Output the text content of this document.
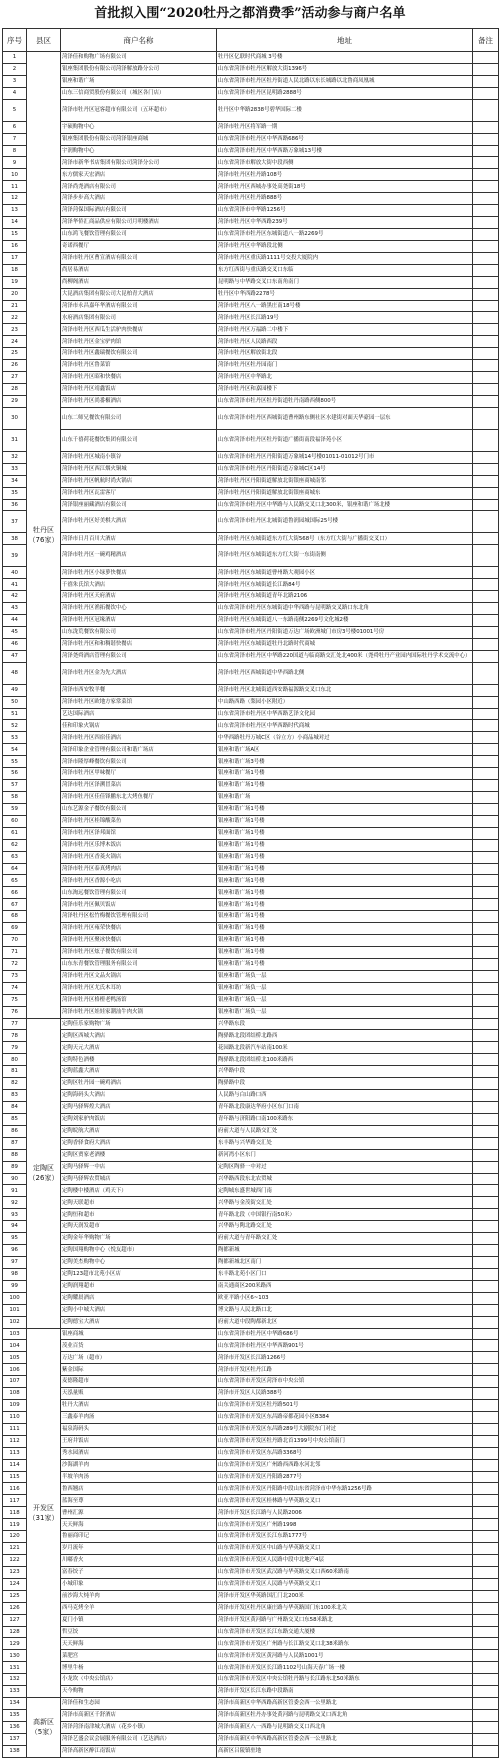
首批拟入围“2020牡丹之都消费季”活动参与商户名单
序号	县区	商户名称	地址	备注
1	牡丹区（76家）	菏泽佳和购物广场有限公司	牡丹区亿联时代商城 3号楼	
2		银座集团股份有限公司菏泽解放路分公司	山东省菏泽市牡丹区解放大街1396号	
3		银座和谐广场	山东省菏泽市牡丹区牡丹街道人民北路以东长城路以北鲁商凤凰城	
4		山东三信商贸股份有限公司（城区各门店）	山东省菏泽市牡丹区昆明路2888号	
5		菏泽市牡丹区冠客超市有限公司（五环超市）	牡丹区中华路2838号碧华国际二楼	
6		宇硕购物中心	菏泽市牡丹区将军路一期	
7		银座集团股份有限公司菏泽银座商城	山东省菏泽市牡丹区中华西路686号	
8		宇润购物中心	山东省菏泽市牡丹区中华西路万象城13号楼	
9		菏泽市新华书店集团有限公司菏泽分公司	山东省菏泽市解放大街中段西侧	
10		东方儒家天宏酒店	菏泽市牡丹区牡丹路108号	
11		菏泽尚尧酒店有限公司	菏泽市牡丹区西城办事处高尧街18号	
12		菏泽步步高大酒店	菏泽市牡丹区牡丹路888号	
13		菏泽菏保国际酒店有限公司	山东省菏泽市中华路1256号	
14		菏泽华侨汇商品供应有限公司月明楼酒店	菏泽市牡丹区中华西路239号	
15		山东鸿飞餐饮管理有限公司	山东省菏泽市牡丹区东城街道八一路2269号	
16		奇诺西餐厅	菏泽市牡丹区中华路段北侧	
17		菏泽市牡丹区曹宣酒店有限公司	菏泽市牡丹区重庆路1111号交投大厦院内	
18		尚居易酒店	东方红西街与重庆路交叉口东临	
19		尚柳阁酒店	昆明路与中华路交叉口东南角南门	
20		大昆酒店集团有限公司大昆柏青大酒店	牡丹区中华西路2278号	
21		菏泽市永昌嘉年华酒店有限公司	菏泽市牡丹区八一路黑庄南18号楼	
22		水府酒店集团有限公司	菏泽市牡丹区长江路19号	
23		菏泽市牡丹区西瓜生活驴肉快餐店	菏泽市牡丹区万福路二中楼下	
24		菏泽市牡丹区金宝驴肉馆	菏泽市牡丹区人民路西段	
25		菏泽市牡丹区鑫瑞餐饮有限公司	菏泽市牡丹区解放街北段	
26		菏泽市牡丹区鲁菜馆	菏泽市牡丹区牡丹园南门	
27		菏泽市牡丹区昭和快餐店	菏泽市牡丹区中华路北	
28		菏泽市牡丹区靖鑫饭店	菏泽市牡丹区和嘉园楼下	
29		菏泽市牡丹区尚番椒酒店	山东省菏泽市牡丹区牡丹街道牡丹南路西侧800号	
30		山东二师兄餐饮有限公司	山东省菏泽市牡丹区西城街道曹州路东侧社区水建街对面天华豪园一层东	
31		山东千禧荷花餐饮集团有限公司	山东省菏泽市牡丹区牡丹街道广播街南段福泽苑小区	
32		菏泽市牡丹区城南小镇谷	山东省菏泽市牡丹区丹阳街道万象城14号楼01011-01012号门市	
33		菏泽市牡丹区西江烟火铜城	山东省菏泽市牡丹区丹阳街道万象城C区14号	
34		菏泽市牡丹区帆航时尚火锅店	菏泽市牡丹区丹阳街道解放北街银座商城南邻	
35		菏泽市牡丹区瓦雷客厅	菏泽市牡丹区丹阳街道解放北街银座商城东	
36		菏泽银座丽藏酒店有限公司	山东省菏泽市牡丹区中华路与人民路交叉口北300米，银座和谐广场北楼	
37		菏泽市牡丹区好美棋大酒店	山东省菏泽市牡丹区北城街道鲁润园城国际25号楼	
38		菏泽市日月百川大酒店	菏泽市牡丹区东城街道东方红大街568号（东方红大街与广播街交叉口）	
39		菏泽市牡丹区一碗鸡精酒店	菏泽市牡丹区东城街道东方红大街一东街南侧	
40		菏泽市牡丹区小绿萝快餐店	菏泽市牡丹区东城街道曹州路大观园小区	
41		千禧朱氏馆大酒店	菏泽市牡丹区东城街道长江路84号	
42		菏泽市牡丹区天府酒店	菏泽市牡丹区东城街道青年北路2106	
43		菏泽市牡丹区渔拓餐饮中心	山东省菏泽市牡丹区东城街道中华西路与昆明路交叉路口东北角	
44		菏泽市牡丹区冠缘酒店	菏泽市牡丹区东城街道八一东路南侧2269号文化城2楼	
45		山东泷荒餐饮有限公司	山东省菏泽市牡丹区丹阳街道万达广场欧洲城门市房3号楼01001号房	
46		菏泽市牡丹区和和稠谐快餐店	菏泽市牡丹区东城街道牡丹北路时代商城	
47		菏泽尧舜酒店管理有限公司	山东省菏泽市牡丹区中华路220国道与临商路交汇处北400米（尧舜牡丹产业园内国际牡丹学术交流中心）	
48		菏泽市牡丹区金为先大酒店	菏泽市牡丹区西城街道中华西路北侧	
49		菏泽市西安牧羊餐	菏泽市牡丹区北城街道西安路福源路交叉口东北	
50		菏泽市牡丹区欧地方家常菜馆	中山路西路（梨园小区附近）	
51		艺达国际酒店	山东省菏泽市牡丹区中华西路艺泽文化园	
52		佳和印象火锅店	山东省菏泽市牡丹区中华西路时代商城	
53		菏泽市牡丹区四宿佳酒店	中华西路牡丹万城C区（谷立方）小商品城对过	
54		菏泽印象企业管理有限公司和谐广场店	银座和谐广场A区	
55		菏泽市隆厚峰餐饮有限公司	银座和谐广场3号楼	
56		菏泽市牡丹区甲味餐厅	银座和谐广场1号楼	
57		菏泽市牡丹区泽溯冒菜店	银座和谐广场1号楼	
58		菏泽市牡丹区佳佳锋鹏东北大烤鱼餐厅	银座和谐广场	
59		山东艺源金子餐饮有限公司	银座和谐广场1号楼	
60		菏泽市牡丹区桂锦酸菜鱼	银座和谐广场1号楼	
61		菏泽市牡丹区泽邦面馆	银座和谐广场1号楼	
62		菏泽市牡丹区乐博木饭店	银座和谐广场1号楼	
63		菏泽市牡丹区香菱火锅店	银座和谐广场1号楼	
64		菏泽市牡丹区泰真烤肉店	银座和谐广场1号楼	
65		菏泽市牡丹区香源小吃店	银座和谐广场1号楼	
66		山东淘远餐饮管理有限公司	银座和谐广场1号楼	
67		菏泽市牡丹区佩贝饭店	银座和谐广场1号楼	
68		菏泽牡丹区松竹梅餐饮管理有限公司	银座和谐广场1号楼	
69		菏泽市牡丹区雍荣快餐店	银座和谐广场1号楼	
70		菏泽市牡丹区聚冰快餐店	银座和谐广场1号楼	
71		菏泽市牡丹区炫子餐饮有限公司	银座和谐广场1号楼	
72		山东东青餐饮管理服务有限公司	银座和谐广场1号楼	
73		菏泽市牡丹区文品火锅店	银座和谐广场负一层	
74		菏泽市牡丹区尤氏木耳坊	银座和谐广场负一层	
75		菏泽市牡丹区格橙老鸭汤馆	银座和谐广场负一层	
76		菏泽市牡丹区娃娃家潮汕牛肉火锅	银座和谐广场负一层	
77	定陶区（26家）	定陶佳乐家购物广场	兴华路东段	
78		定陶区西城大酒店	陶驿路北段团结桥北路西	
79		定陶天元大酒店	花园路北段新汽车站南100米	
80		定陶特色酒楼	陶驿路北段团结桥北100米路西	
81		定陶蓝鑫大酒店	兴华路中段	
82		定陶区牡丹园一碗鸡酒店	陶驿路中段	
83		定陶海码头大酒店	人民路与白山路口西	
84		定陶马驿辉煌大酒店	青年路北段康达华府小区东门口南	
85		定陶刘家驴肉饭店	青年路与济阳路口南100米路东	
86		定陶皖航大酒店	府前大道与人民路交汇处	
87		定陶香驿食府大酒店	东丰路与兴华路交汇处	
88		定陶区贾家老酒楼	新河湾小区东门	
89		定陶马驿辉一中店	定陶区陶驿一中对过	
90		定陶马驿辉农贸城店	兴华路西段东北农贸城	
91		定陶楼中楼酒店（鸡天下）	定陶城东盛世城西门南	
92		定陶天联超市	兴华路与金茂街交汇处	
93		定陶恒和超市	青年路北段（中国银行南50米）	
94		定陶天润发超市	兴华路与陶北路交汇处	
95		定陶金年华购物广场	府前大道与青年路交汇处	
96		定陶国翔购物中心（悦友超市）	陶都新城	
97		定陶美杰购物中心	陶都新城北区南门	
98		定陶123超市北苑小区店	东丰路北苑小区门口	
99		定陶润翔超市	南关通商区200米路西	
100		定陶耀晨酒店	欧亚平路小区6~103	
101		定陶小中城大酒店	博文路与人民北路口北	
102		定陶德宝大酒店	府前大道中段陶都新北区	
103	开发区（31家）	银座商城	山东省菏泽市牡丹区中华路686号	
104		茂业百货	山东省菏泽市牡丹区中华西路901号	
105		万达广场（超市）	菏泽市开发区长江路1266号	
106		紫金国际	菏泽市开发区牡丹江路	
107		麦德隆超市	山东省菏泽市开发区菏泽市中央公馆	
108		天泓量贩	菏泽市开发区人民路388号	
109		牡丹大酒店	山东省菏泽市开发区牡丹路501号	
110		三鑫泰羊肉汤	山东省菏泽市开发区东昌路帝都花园小区B384	
111		福泉海码头	山东省菏泽市开发区东昌路289号大剧院东门对过	
112		王府井饭店	山东省菏泽市开发区牡丹路北首1399号中央公馆南门	
113		秀水园酒店	山东省菏泽市开发区东昌路3368号	
114		沙海湖羊肉	山东省菏泽市开发区广州路西西路水河北邻	
115		半坡羊肉汤	山东省菏泽市开发区丹阳路2877号	
116		鲁西翘店	山东省菏泽市开发区丹阳路中段山东省菏泽市中华东路1256号路	
117		蓝海至尊	山东省菏泽市开发区桂林路与华英路交叉口	
118		曹州汇源	菏泽市开发区长江路与人民路2006	
119		天天鲜海	山东省菏泽市开发区广州路1998	
120		鲁丽商印记	山东省菏泽市开发区长江东路1777号	
121		岁月流年	山东省菏泽市开发区中山路与华英路交叉口	
122		川嘟香火	山东省菏泽市开发区人民路中段中北地产4层	
123		富春饺子	山东省菏泽市开发区武汉路与华英路交叉口西60米路南	
124		小城印象	山东省菏泽市开发区人民路与华英路交叉口	
125		前沙海大炖羊肉	菏泽市开发区华英路国汇门北200米	
126		西马克烤全羊	菏泽市开发区牡丹区康庄路与华英路国门东100米北关	
127		夏门小镇	菏泽市开发区黄河路与广州路交叉口东58米路北	
128		哲豆饺	山东省菏泽市开发区长江东路交通大厦楼	
129		天天鲜海	山东省菏泽市开发区广州路与长江路交叉口北38米路东	
130		菜肥宫	山东省菏泽市开发区黄河路与人民路1001号	
131		博里牛杨	山东省菏泽市开发区长江路1102号山海天春广场一楼	
132		小龙坎（中央公馆店）	山东省菏泽市开发区中央公馆牡丹路与长江路东北50米路东	
133		天今购物	菏泽市开发区长江东路中段路南	
134	高新区（5家）	菏泽佳和生态园	菏泽市高新区中华西路高新区管委会西一公里路北	
135		菏泽市高新区千舒酒店	菏泽市高新区牡丹办事处黄河路与昆明路交叉口西北角	
136		菏泽菏泽南津城大酒店（花乡小镇）	菏泽市高新区八一西路与昆明路交叉口西北角	
137		菏泽艺盛会议会展服务有限公司（艺达酒店）	菏泽市高新区中华西路高新区管委会西一公里路北	
138		菏泽高新区醉江南饭店	高新区吕陵镇驻地	
